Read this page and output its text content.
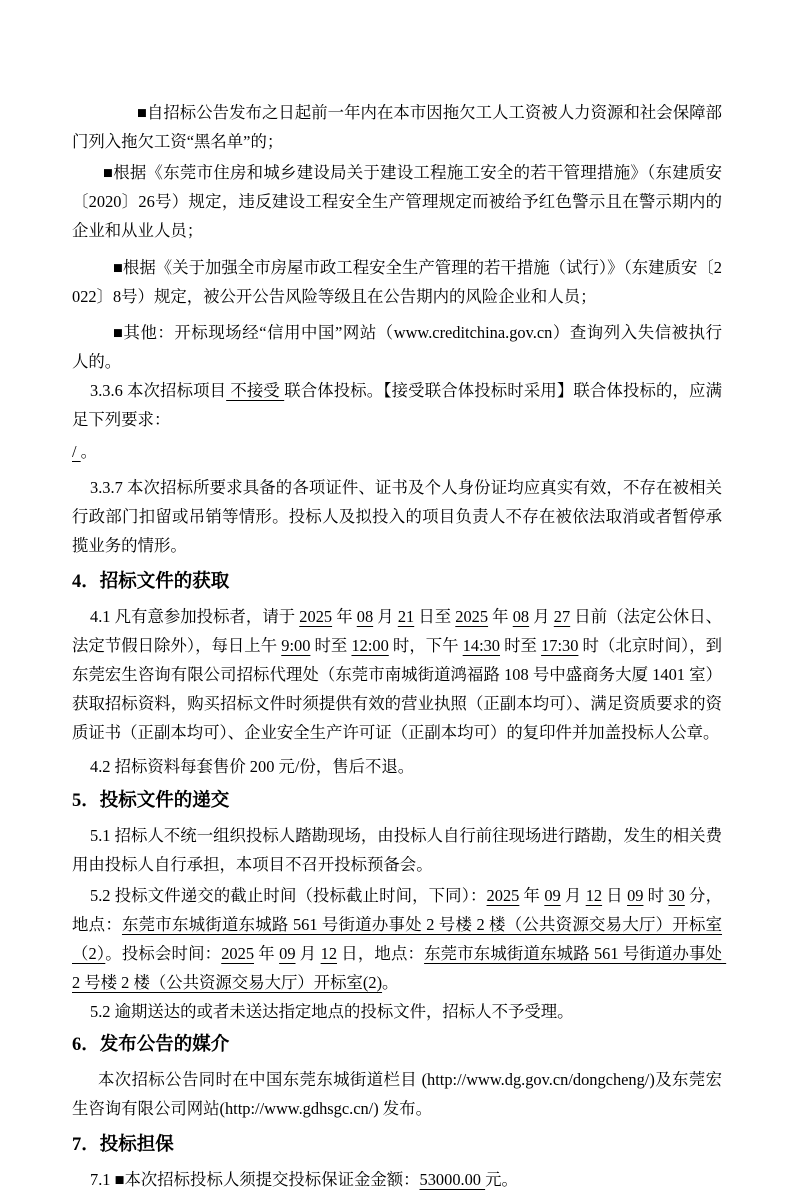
■自招标公告发布之日起前一年内在本市因拖欠工人工资被人力资源和社会保障部门列入拖欠工资“黑名单”的；

■根据《东莞市住房和城乡建设局关于建设工程施工安全的若干管理措施》（东建质安〔2020〕26号）规定，违反建设工程安全生产管理规定而被给予红色警示且在警示期内的企业和从业人员；

■根据《关于加强全市房屋市政工程安全生产管理的若干措施（试行）》（东建质安〔2022〕8号）规定，被公开公告风险等级且在公告期内的风险企业和人员；

■其他：开标现场经“信用中国”网站（www.creditchina.gov.cn）查询列入失信被执行人的。

3.3.6 本次招标项目 不接受 联合体投标。【接受联合体投标时采用】联合体投标的，应满足下列要求：

/ 。

3.3.7 本次招标所要求具备的各项证件、证书及个人身份证均应真实有效，不存在被相关行政部门扣留或吊销等情形。投标人及拟投入的项目负责人不存在被依法取消或者暂停承揽业务的情形。

4．招标文件的获取

4.1 凡有意参加投标者，请于 2025 年 08 月 21 日至 2025 年 08 月 27 日前（法定公休日、法定节假日除外），每日上午 9:00 时至 12:00 时，下午 14:30 时至 17:30 时（北京时间），到东莞宏生咨询有限公司招标代理处（东莞市南城街道鸿福路 108 号中盛商务大厦 1401 室）获取招标资料，购买招标文件时须提供有效的营业执照（正副本均可）、满足资质要求的资质证书（正副本均可）、企业安全生产许可证（正副本均可）的复印件并加盖投标人公章。

4.2 招标资料每套售价 200 元/份，售后不退。

5．投标文件的递交

5.1 招标人不统一组织投标人踏勘现场，由投标人自行前往现场进行踏勘，发生的相关费用由投标人自行承担，本项目不召开投标预备会。

5.2 投标文件递交的截止时间（投标截止时间，下同）：2025 年 09 月 12 日 09 时 30 分，地点：东莞市东城街道东城路 561 号街道办事处 2 号楼 2 楼（公共资源交易大厅）开标室（2）。投标会时间：2025 年 09 月 12 日，地点：东莞市东城街道东城路 561 号街道办事处 2 号楼 2 楼（公共资源交易大厅）开标室(2)。

5.2 逾期送达的或者未送达指定地点的投标文件，招标人不予受理。

6．发布公告的媒介

本次招标公告同时在中国东莞东城街道栏目 (http://www.dg.gov.cn/dongcheng/)及东莞宏生咨询有限公司网站(http://www.gdhsgc.cn/) 发布。

7．投标担保

7.1 ■本次招标投标人须提交投标保证金金额：53000.00 元。
